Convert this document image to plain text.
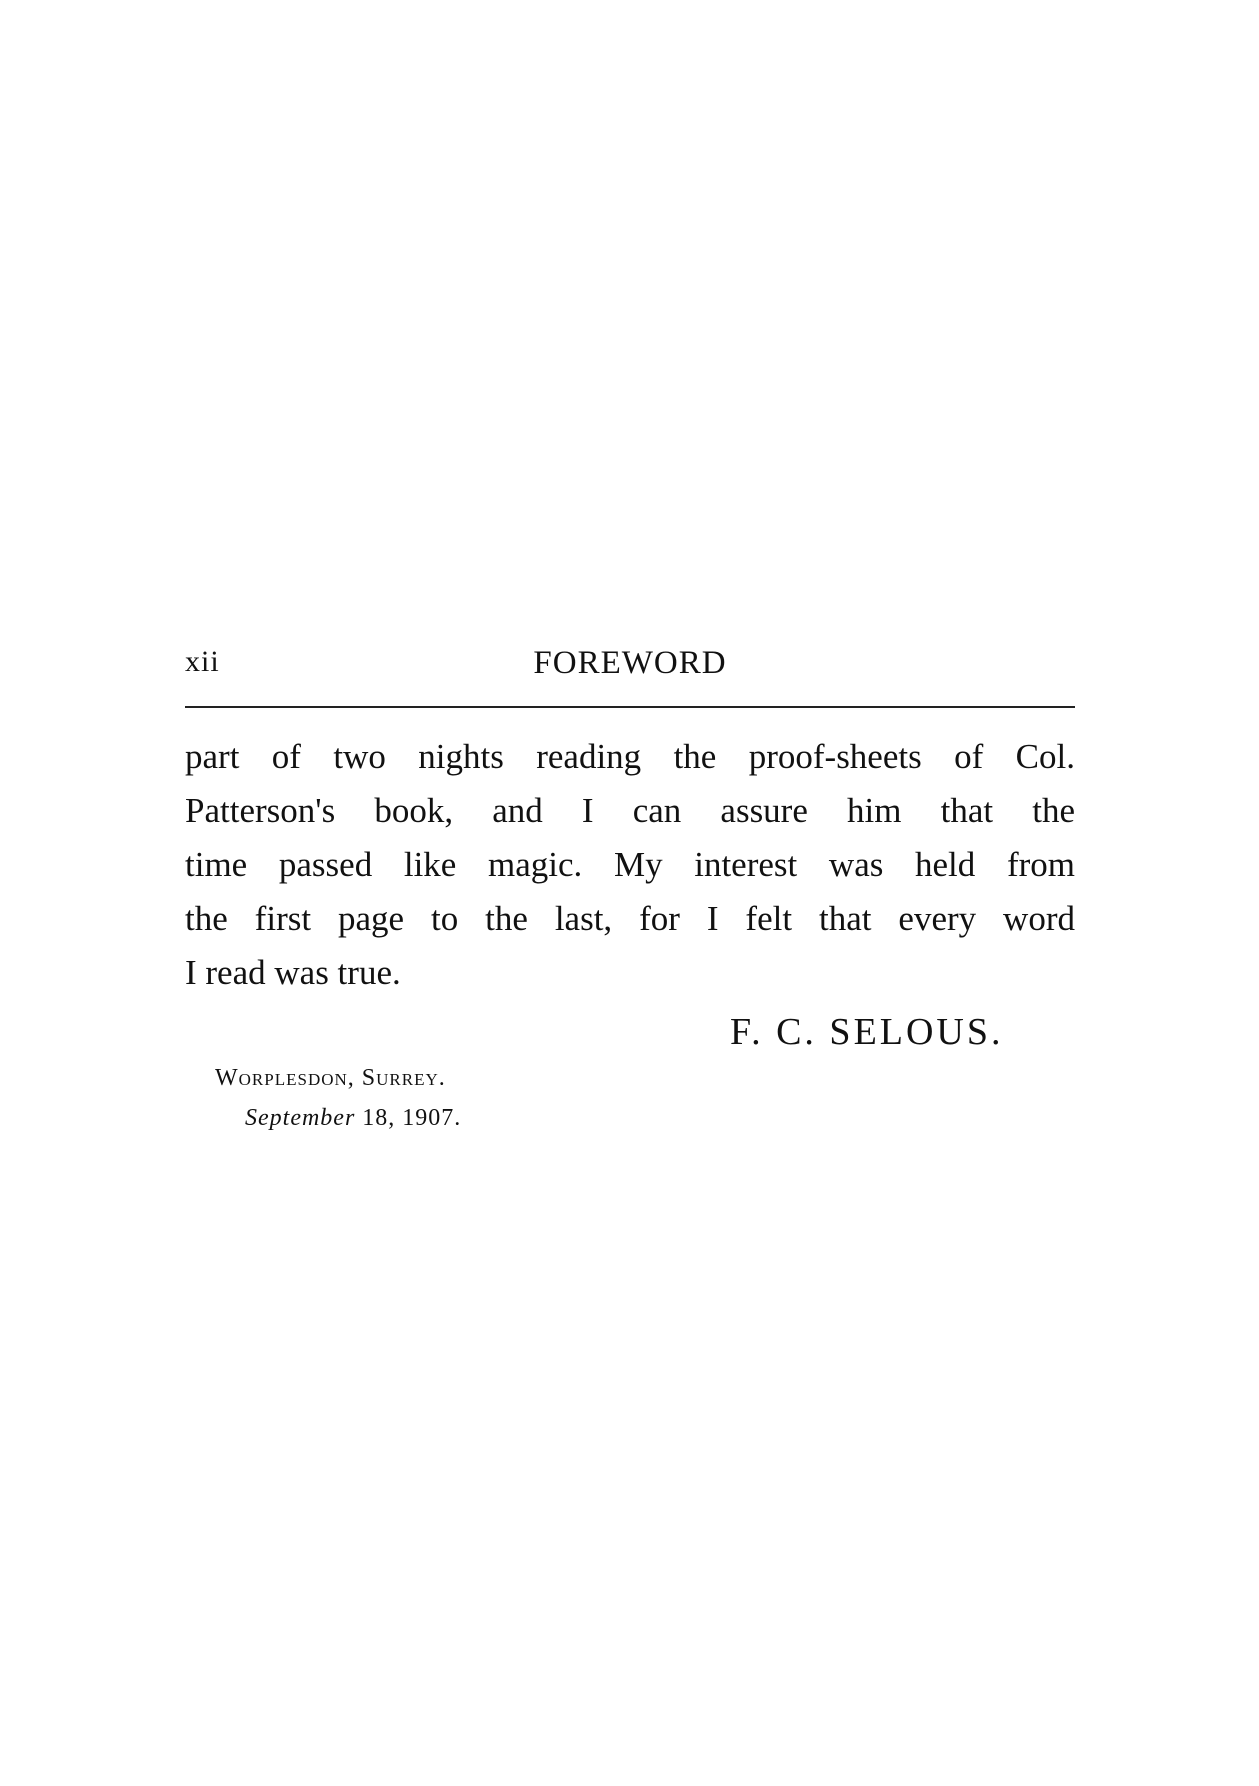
FOREWORD
xii
part of two nights reading the proof-sheets of Col.
Patterson's book, and I can assure him that the
time passed like magic. My interest was held from
the first page to the last, for I felt that every word
I read was true.
F. C. SELOUS.
Worplesdon, Surrey.
September 18, 1907.
